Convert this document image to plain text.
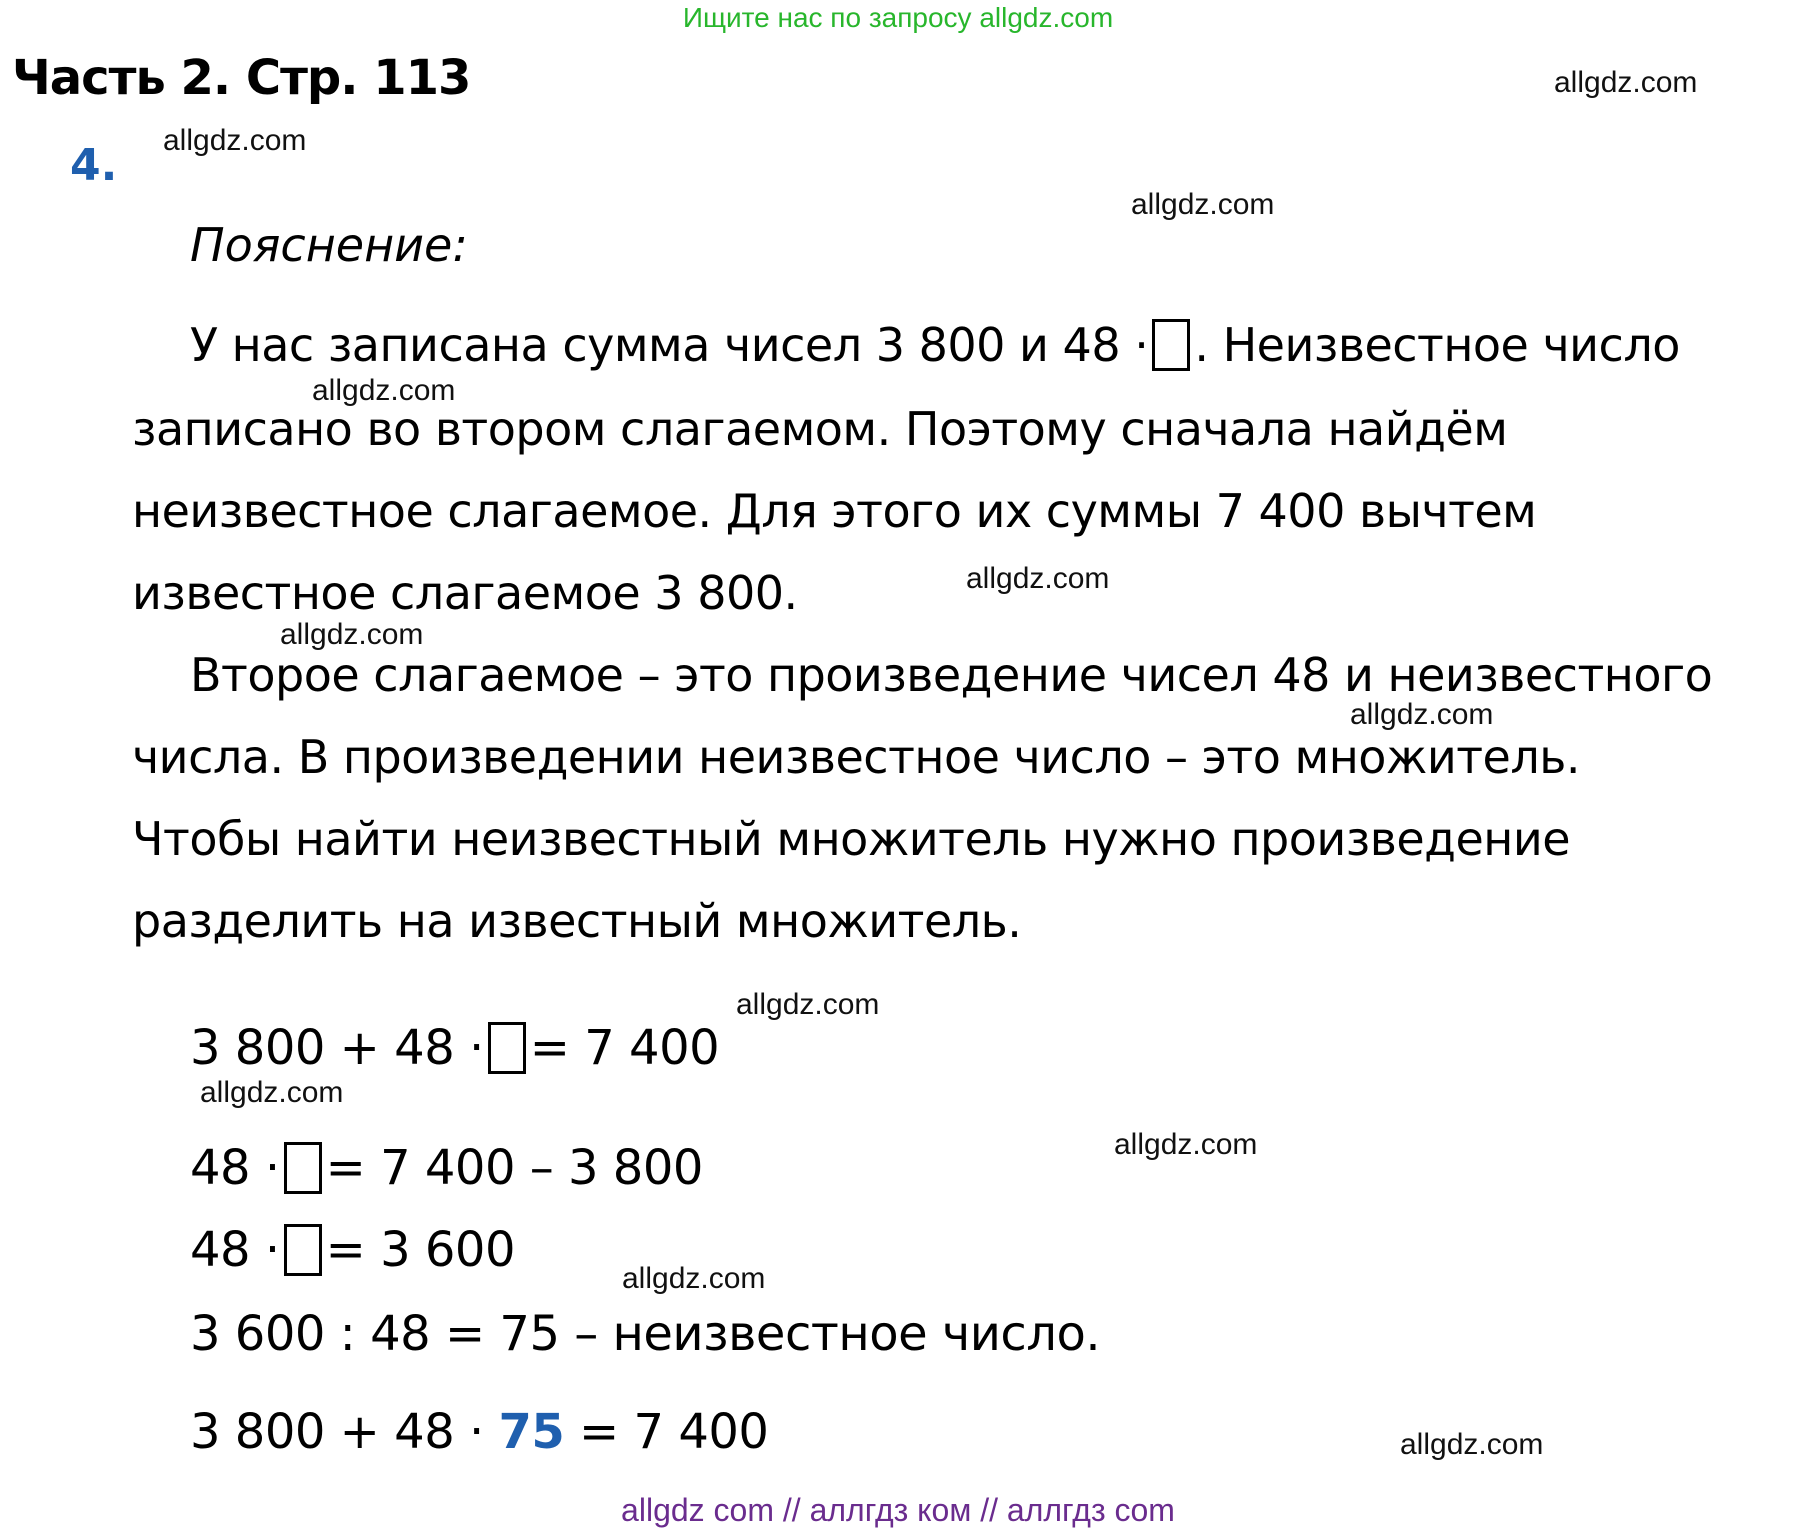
Ищите нас по запросу allgdz.com
Часть 2. Стр. 113
4.
Пояснение:
У нас записана сумма чисел 3 800 и 48 · . Неизвестное число
записано во втором слагаемом. Поэтому сначала найдём
неизвестное слагаемое. Для этого их суммы 7 400 вычтем
известное слагаемое 3 800.
Второе слагаемое – это произведение чисел 48 и неизвестного
числа. В произведении неизвестное число – это множитель.
Чтобы найти неизвестный множитель нужно произведение
разделить на известный множитель.
3 800 + 48 · = 7 400
48 · = 7 400 – 3 800
48 · = 3 600
3 600 : 48 = 75 – неизвестное число.
3 800 + 48 · 75 = 7 400
allgdz.com
allgdz.com
allgdz.com
allgdz.com
allgdz.com
allgdz.com
allgdz.com
allgdz.com
allgdz.com
allgdz.com
allgdz.com
allgdz.com
allgdz com // аллгдз ком // аллгдз com
